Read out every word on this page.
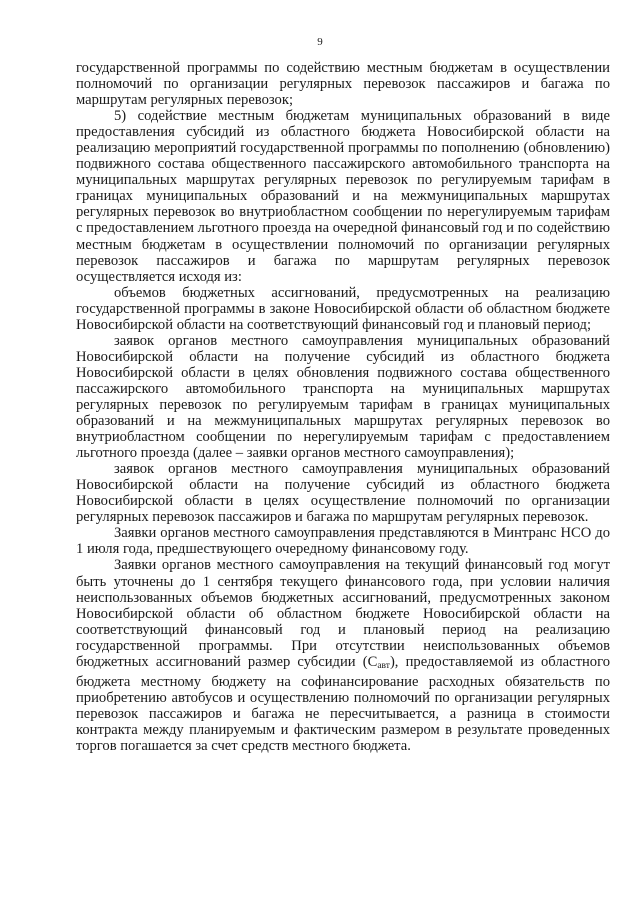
9

государственной программы по содействию местным бюджетам в осуществлении полномочий по организации регулярных перевозок пассажиров и багажа по маршрутам регулярных перевозок;

5) содействие местным бюджетам муниципальных образований в виде предоставления субсидий из областного бюджета Новосибирской области на реализацию мероприятий государственной программы по пополнению (обновлению) подвижного состава общественного пассажирского автомобильного транспорта на муниципальных маршрутах регулярных перевозок по регулируемым тарифам в границах муниципальных образований и на межмуниципальных маршрутах регулярных перевозок во внутриобластном сообщении по нерегулируемым тарифам с предоставлением льготного проезда на очередной финансовый год и по содействию местным бюджетам в осуществлении полномочий по организации регулярных перевозок пассажиров и багажа по маршрутам регулярных перевозок осуществляется исходя из:

объемов бюджетных ассигнований, предусмотренных на реализацию государственной программы в законе Новосибирской области об областном бюджете Новосибирской области на соответствующий финансовый год и плановый период;

заявок органов местного самоуправления муниципальных образований Новосибирской области на получение субсидий из областного бюджета Новосибирской области в целях обновления подвижного состава общественного пассажирского автомобильного транспорта на муниципальных маршрутах регулярных перевозок по регулируемым тарифам в границах муниципальных образований и на межмуниципальных маршрутах регулярных перевозок во внутриобластном сообщении по нерегулируемым тарифам с предоставлением льготного проезда (далее – заявки органов местного самоуправления);

заявок органов местного самоуправления муниципальных образований Новосибирской области на получение субсидий из областного бюджета Новосибирской области в целях осуществление полномочий по организации регулярных перевозок пассажиров и багажа по маршрутам регулярных перевозок.

Заявки органов местного самоуправления представляются в Минтранс НСО до 1 июля года, предшествующего очередному финансовому году.

Заявки органов местного самоуправления на текущий финансовый год могут быть уточнены до 1 сентября текущего финансового года, при условии наличия неиспользованных объемов бюджетных ассигнований, предусмотренных законом Новосибирской области об областном бюджете Новосибирской области на соответствующий финансовый год и плановый период на реализацию государственной программы. При отсутствии неиспользованных объемов бюджетных ассигнований размер субсидии $(С_{авт})$, предоставляемой из областного бюджета местному бюджету на софинансирование расходных обязательств по приобретению автобусов и осуществлению полномочий по организации регулярных перевозок пассажиров и багажа не пересчитывается, а разница в стоимости контракта между планируемым и фактическим размером в результате проведенных торгов погашается за счет средств местного бюджета.
